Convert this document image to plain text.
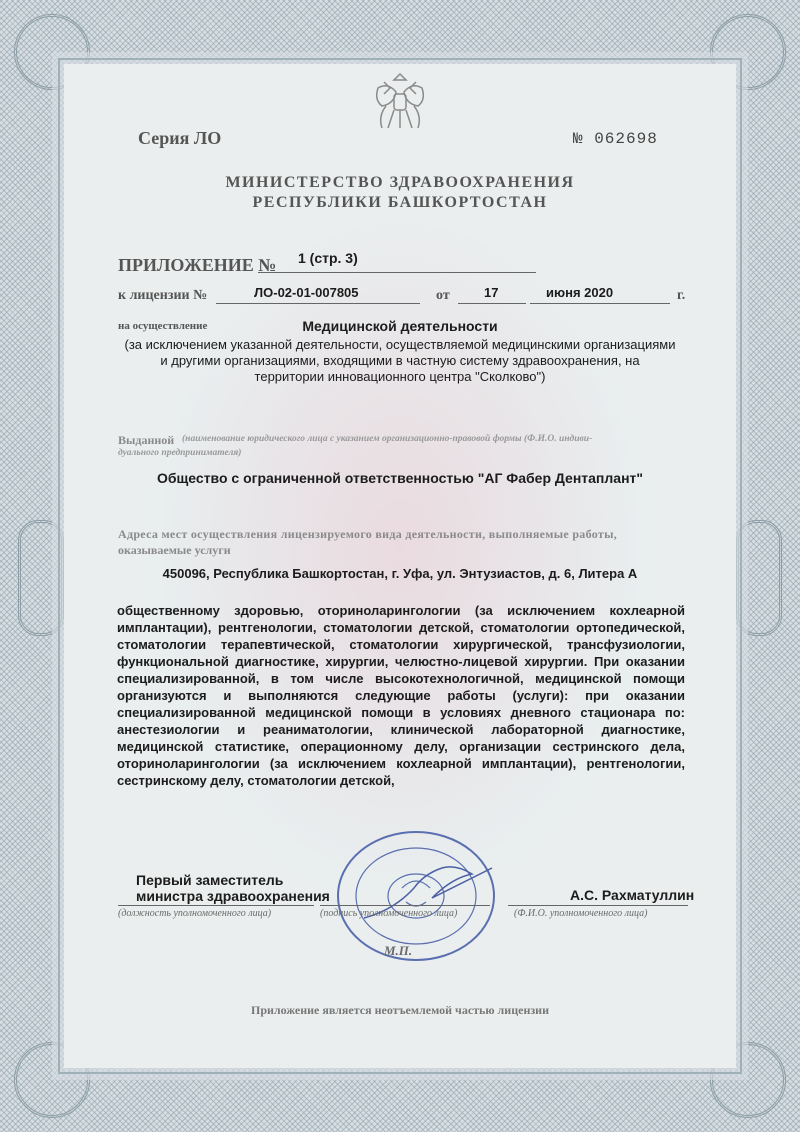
Серия ЛО	№ 062698
МИНИСТЕРСТВО ЗДРАВООХРАНЕНИЯ
РЕСПУБЛИКИ БАШКОРТОСТАН
ПРИЛОЖЕНИЕ № 1 (стр. 3)
к лицензии №	ЛО-02-01-007805	от	17	июня 2020	г.
на осуществление	Медицинской деятельности
(за исключением указанной деятельности, осуществляемой медицинскими организациями
и другими организациями, входящими в частную систему здравоохранения, на
территории инновационного центра "Сколково")
Выданной (наименование юридического лица с указанием организационно-правовой формы (Ф.И.О. индиви-
дуального предпринимателя)
Общество с ограниченной ответственностью "АГ Фабер Дентаплант"
Адреса мест осуществления лицензируемого вида деятельности, выполняемые работы,
оказываемые услуги
450096, Республика Башкортостан, г. Уфа, ул. Энтузиастов, д. 6, Литера А
общественному здоровью, оториноларингологии (за исключением кохлеарной имплантации), рентгенологии, стоматологии детской, стоматологии ортопедической, стоматологии терапевтической, стоматологии хирургической, трансфузиологии, функциональной диагностике, хирургии, челюстно-лицевой хирургии. При оказании специализированной, в том числе высокотехнологичной, медицинской помощи организуются и выполняются следующие работы (услуги): при оказании специализированной медицинской помощи в условиях дневного стационара по: анестезиологии и реаниматологии, клинической лабораторной диагностике, медицинской статистике, операционному делу, организации сестринского дела, оториноларингологии (за исключением кохлеарной имплантации), рентгенологии, сестринскому делу, стоматологии детской,
Первый заместитель
министра здравоохранения	А.С. Рахматуллин
(должность уполномоченного лица)	(подпись уполномоченного лица)	(Ф.И.О. уполномоченного лица)
М.П.
Приложение является неотъемлемой частью лицензии
